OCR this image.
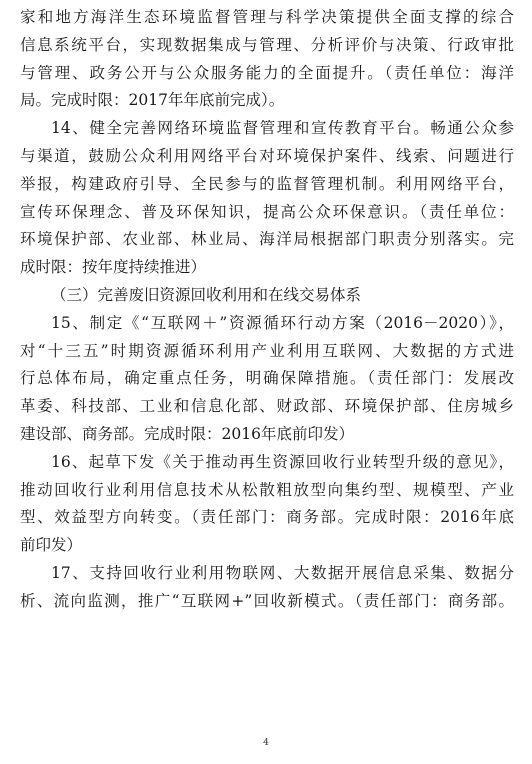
家和地方海洋生态环境监督管理与科学决策提供全面支撑的综合
信息系统平台，实现数据集成与管理、分析评价与决策、行政审批
与管理、政务公开与公众服务能力的全面提升。（责任单位：海洋
局。完成时限：2017年年底前完成）。
14、健全完善网络环境监督管理和宣传教育平台。畅通公众参
与渠道，鼓励公众利用网络平台对环境保护案件、线索、问题进行
举报，构建政府引导、全民参与的监督管理机制。利用网络平台，
宣传环保理念、普及环保知识，提高公众环保意识。（责任单位：
环境保护部、农业部、林业局、海洋局根据部门职责分别落实。完
成时限：按年度持续推进）
（三）完善废旧资源回收利用和在线交易体系
15、制定《“互联网＋”资源循环行动方案（2016－2020）》，
对“十三五”时期资源循环利用产业利用互联网、大数据的方式进
行总体布局，确定重点任务，明确保障措施。（责任部门：发展改
革委、科技部、工业和信息化部、财政部、环境保护部、住房城乡
建设部、商务部。完成时限：2016年底前印发）
16、起草下发《关于推动再生资源回收行业转型升级的意见》，
推动回收行业利用信息技术从松散粗放型向集约型、规模型、产业
型、效益型方向转变。（责任部门：商务部。完成时限：2016年底
前印发）
17、支持回收行业利用物联网、大数据开展信息采集、数据分
析、流向监测，推广“互联网+”回收新模式。（责任部门：商务部。
4
